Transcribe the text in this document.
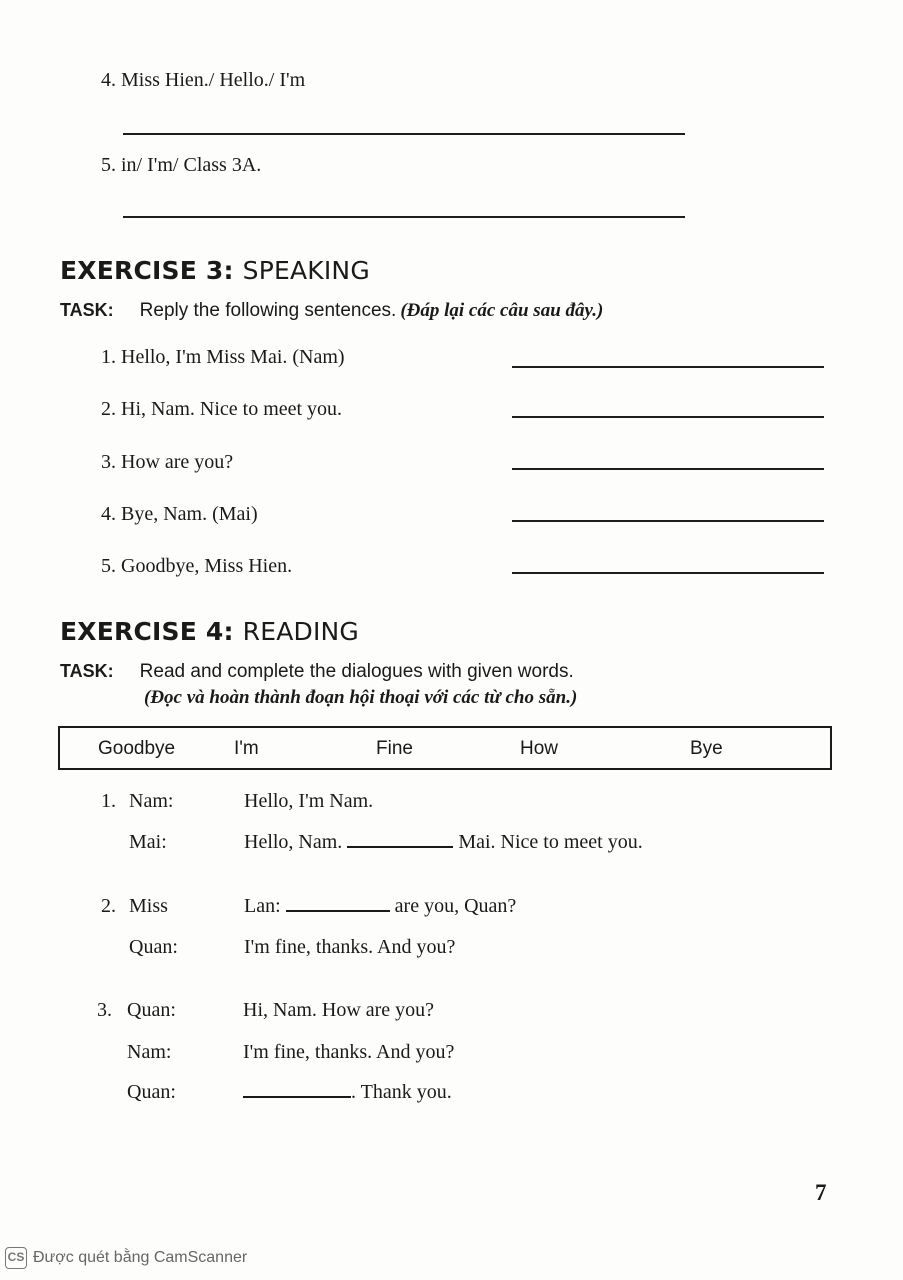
4. Miss Hien./ Hello./ I'm
5. in/ I'm/ Class 3A.
EXERCISE 3: SPEAKING
TASK: Reply the following sentences. (Đáp lại các câu sau đây.)
1. Hello, I'm Miss Mai. (Nam)
2. Hi, Nam. Nice to meet you.
3. How are you?
4. Bye, Nam. (Mai)
5. Goodbye, Miss Hien.
EXERCISE 4: READING
TASK: Read and complete the dialogues with given words.
(Đọc và hoàn thành đoạn hội thoại với các từ cho sẵn.)
Goodbye	I'm	Fine	How	Bye
1. Nam:	Hello, I'm Nam.
Mai:	Hello, Nam.	Mai. Nice to meet you.
2. Miss	Lan:	are you, Quan?
Quan:	I'm fine, thanks. And you?
3. Quan:	Hi, Nam. How are you?
Nam:	I'm fine, thanks. And you?
Quan:	. Thank you.
7
CS Được quét bằng CamScanner
